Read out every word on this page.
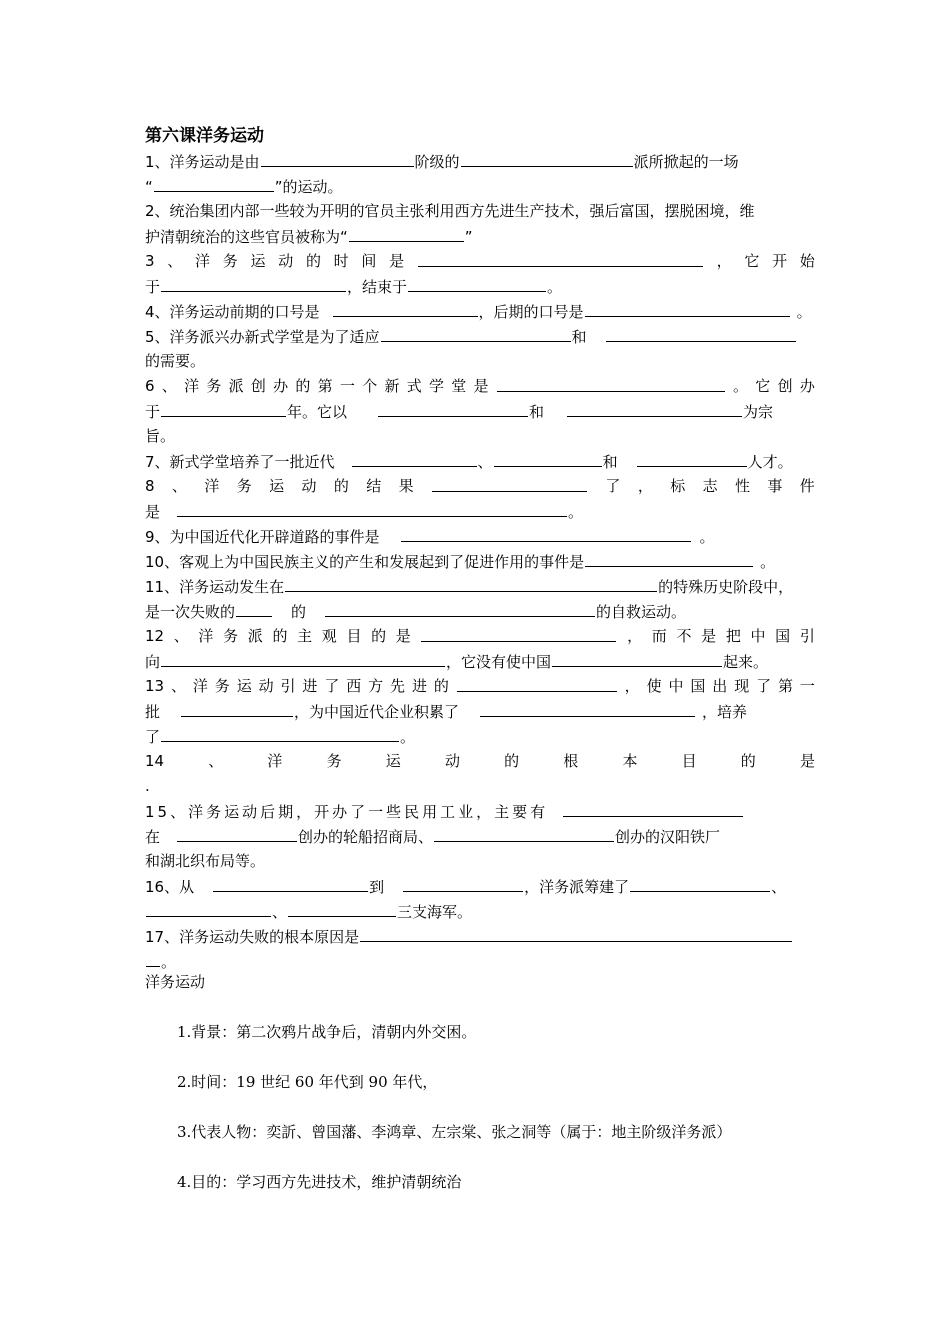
第六课洋务运动
1、洋务运动是由	阶级的	派所掀起的一场
“	”的运动。
2、统治集团内部一些较为开明的官员主张利用西方先进生产技术，强后富国，摆脱困境，维
护清朝统治的这些官员被称为“	”
3 、 洋 务 运 动 的 时 间 是	， 它 开 始
于	，结束于	。
4、洋务运动前期的口号是	，后期的口号是	。
5、洋务派兴办新式学堂是为了适应	和
的需要。
6 、 洋 务 派 创 办 的 第 一 个 新 式 学 堂 是	。 它 创 办
于	年。它以	和	为宗
旨。
7、新式学堂培养了一批近代	、	和	人才。
8 、 洋 务 运 动 的 结 果	了 ， 标 志 性 事 件
是	。
9、为中国近代化开辟道路的事件是	。
10、客观上为中国民族主义的产生和发展起到了促进作用的事件是	。
11、洋务运动发生在	的特殊历史阶段中，
是一次失败的	的	的自救运动。
12 、 洋 务 派 的 主 观 目 的 是	， 而 不 是 把 中 国 引
向	，它没有使中国	起来。
13 、 洋 务 运 动 引 进 了 西 方 先 进 的	， 使 中 国 出 现 了 第 一
批	，为中国近代企业积累了	，培养
了	。
14	、	洋	务	运	动	的	根	本	目	的	是
.
15、洋务运动后期，开办了一些民用工业，主要有
在	创办的轮船招商局、	创办的汉阳铁厂
和湖北织布局等。
16、从	到	，洋务派筹建了	、
、	三支海军。
17、洋务运动失败的根本原因是
。
洋务运动
1.背景：第二次鸦片战争后，清朝内外交困。
2.时间：19 世纪 60 年代到 90 年代，
3.代表人物：奕訢、曾国藩、李鸿章、左宗棠、张之洞等（属于：地主阶级洋务派）
4.目的：学习西方先进技术，维护清朝统治
